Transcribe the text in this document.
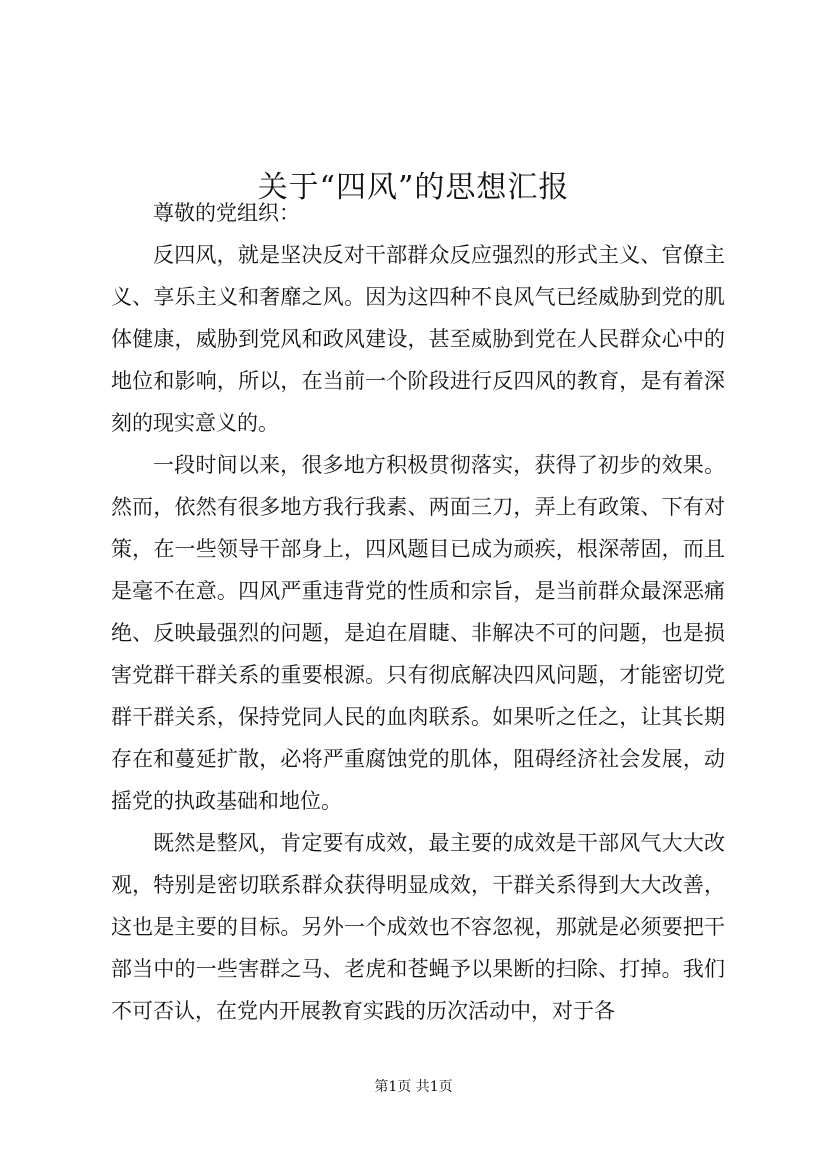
关于“四风”的思想汇报

尊敬的党组织：

反四风，就是坚决反对干部群众反应强烈的形式主义、官僚主义、享乐主义和奢靡之风。因为这四种不良风气已经威胁到党的肌体健康，威胁到党风和政风建设，甚至威胁到党在人民群众心中的地位和影响，所以，在当前一个阶段进行反四风的教育，是有着深刻的现实意义的。

一段时间以来，很多地方积极贯彻落实，获得了初步的效果。然而，依然有很多地方我行我素、两面三刀，弄上有政策、下有对策，在一些领导干部身上，四风题目已成为顽疾，根深蒂固，而且是毫不在意。四风严重违背党的性质和宗旨，是当前群众最深恶痛绝、反映最强烈的问题，是迫在眉睫、非解决不可的问题，也是损害党群干群关系的重要根源。只有彻底解决四风问题，才能密切党群干群关系，保持党同人民的血肉联系。如果听之任之，让其长期存在和蔓延扩散，必将严重腐蚀党的肌体，阻碍经济社会发展，动摇党的执政基础和地位。

既然是整风，肯定要有成效，最主要的成效是干部风气大大改观，特别是密切联系群众获得明显成效，干群关系得到大大改善，这也是主要的目标。另外一个成效也不容忽视，那就是必须要把干部当中的一些害群之马、老虎和苍蝇予以果断的扫除、打掉。我们不可否认，在党内开展教育实践的历次活动中，对于各

第1页 共1页
